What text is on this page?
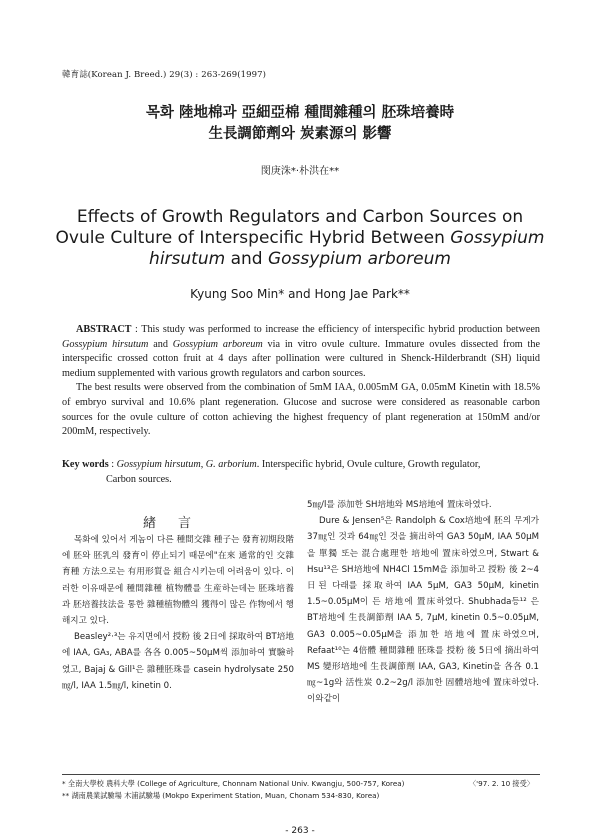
韓育誌(Korean J. Breed.) 29(3) : 263-269(1997)
목화 陸地棉과 亞細亞棉 種間雜種의 胚珠培養時
生長調節劑와 炭素源의 影響
閔庚洙*·朴洪在**
Effects of Growth Regulators and Carbon Sources on
Ovule Culture of Interspecific Hybrid Between Gossypium
hirsutum and Gossypium arboreum
Kyung Soo Min* and Hong Jae Park**

ABSTRACT : This study was performed to increase the efficiency of interspecific hybrid production between Gossypium hirsutum and Gossypium arboreum via in vitro ovule culture. Immature ovules dissected from the interspecific crossed cotton fruit at 4 days after pollination were cultured in Shenck-Hilderbrandt (SH) liquid medium supplemented with various growth regulators and carbon sources.

The best results were observed from the combination of 5mM IAA, 0.005mM GA, 0.05mM Kinetin with 18.5% of embryo survival and 10.6% plant regeneration. Glucose and sucrose were considered as reasonable carbon sources for the ovule culture of cotton achieving the highest frequency of plant regeneration at 150mM and/or 200mM, respectively.

Key words : Gossypium hirsutum, G. arborium. Interspecific hybrid, Ovule culture, Growth regulator,
Carbon sources.
緖言

목화에 있어서 게놈이 다른 種間交雜 種子는 發育初期段階에 胚와 胚乳의 發育이 停止되기 때문에"在來 通常的인 交雜育種 方法으로는 有用形質을 組合시키는데 어려움이 있다. 이러한 이유때문에 種間雜種 植物體를 生産하는데는 胚珠培養과 胚培養技法을 통한 雜種植物體의 獲得이 많은 作物에서 행해지고 있다.

Beasley²·³는 유지면에서 授粉 後 2日에 採取하여 BT培地에 IAA, GA₃, ABA를 各各 0.005~50μM씩 添加하여 實驗하였고, Bajaj & Gill¹은 雜種胚珠를 casein hydrolysate 250㎎/l, IAA 1.5㎎/l, kinetin 0.

5㎎/l를 添加한 SH培地와 MS培地에 置床하였다.

Dure & Jensen⁵은 Randolph & Cox培地에 胚의 무게가 37㎎인 것과 64㎎인 것을 摘出하여 GA3 50μM, IAA 50μM을 單獨 또는 混合處理한 培地에 置床하였으며, Stwart & Hsu¹³은 SH培地에 NH4Cl 15mM을 添加하고 授粉 後 2~4日된 다래를 採取하여 IAA 5μM, GA3 50μM, kinetin 1.5~0.05μM이 든 培地에 置床하였다. Shubhada등¹² 은 BT培地에 生長調節劑 IAA 5, 7μM, kinetin 0.5~0.05μM, GA3 0.005~0.05μM을 添加한 培地에 置床하였으며, Refaat¹⁰는 4倍體 種間雜種 胚珠를 授粉 後 5日에 摘出하여 MS 變形培地에 生長調節劑 IAA, GA3, Kinetin을 各各 0.1㎎~1g와 活性炭 0.2~2g/l 添加한 固體培地에 置床하였다. 이와같이

* 全南大學校 農科大學 (College of Agriculture, Chonnam National Univ. Kwangju, 500-757, Korea)	〈'97. 2. 10 接受〉
** 湖南農業試驗場 木浦試驗場 (Mokpo Experiment Station, Muan, Chonam 534-830, Korea)
- 263 -
